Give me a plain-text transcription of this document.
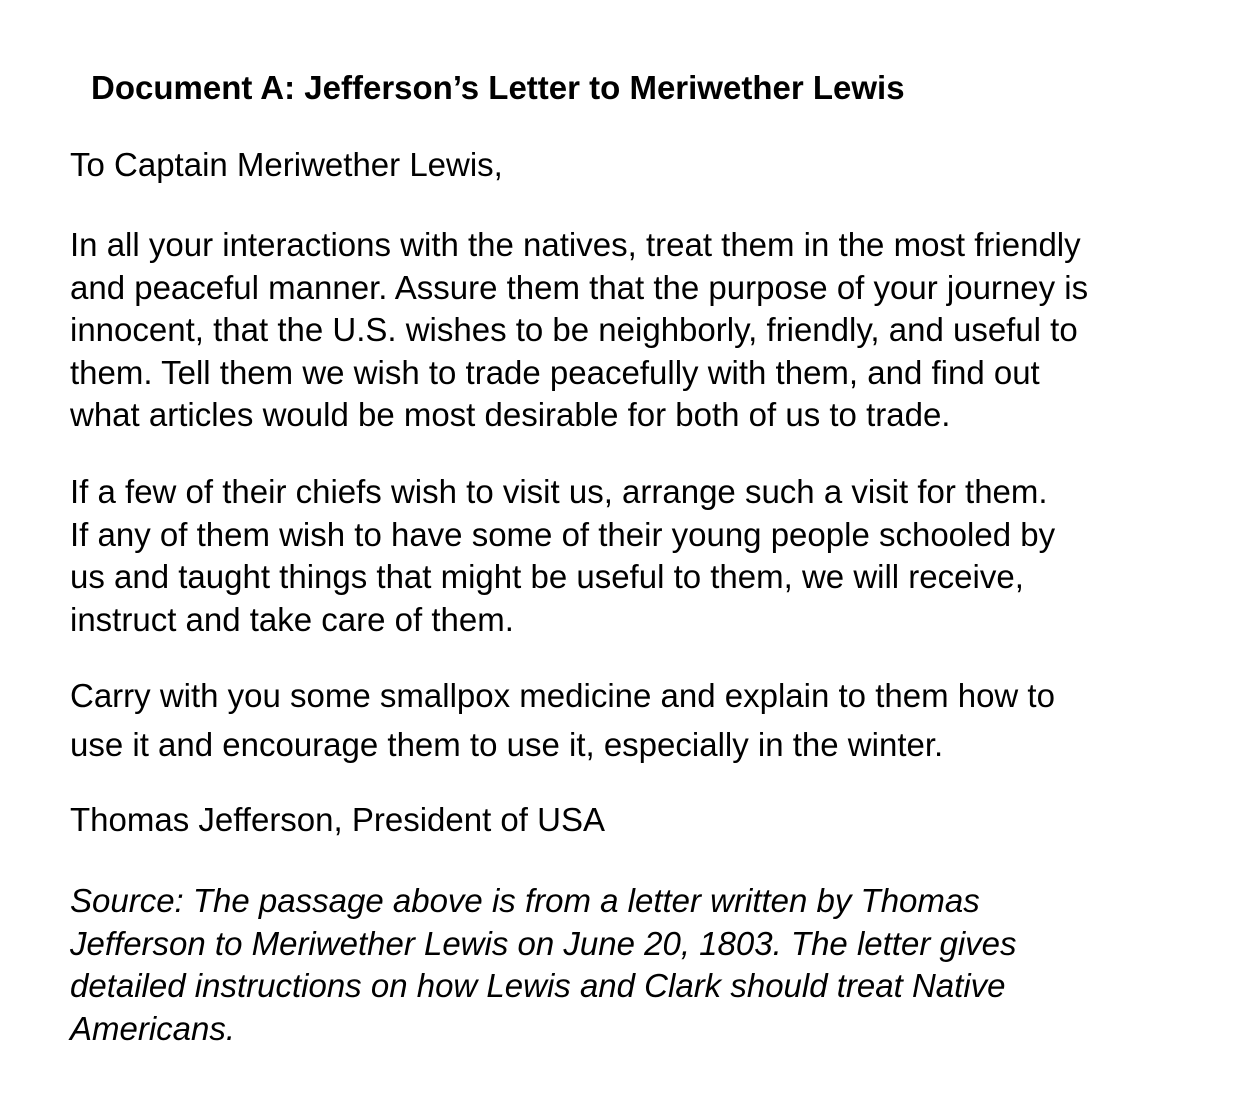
Document A: Jefferson’s Letter to Meriwether Lewis

To Captain Meriwether Lewis,

In all your interactions with the natives, treat them in the most friendly
and peaceful manner. Assure them that the purpose of your journey is
innocent, that the U.S. wishes to be neighborly, friendly, and useful to
them. Tell them we wish to trade peacefully with them, and find out
what articles would be most desirable for both of us to trade.

If a few of their chiefs wish to visit us, arrange such a visit for them.
If any of them wish to have some of their young people schooled by
us and taught things that might be useful to them, we will receive,
instruct and take care of them.

Carry with you some smallpox medicine and explain to them how to
use it and encourage them to use it, especially in the winter.

Thomas Jefferson, President of USA

Source: The passage above is from a letter written by Thomas
Jefferson to Meriwether Lewis on June 20, 1803. The letter gives
detailed instructions on how Lewis and Clark should treat Native
Americans.
